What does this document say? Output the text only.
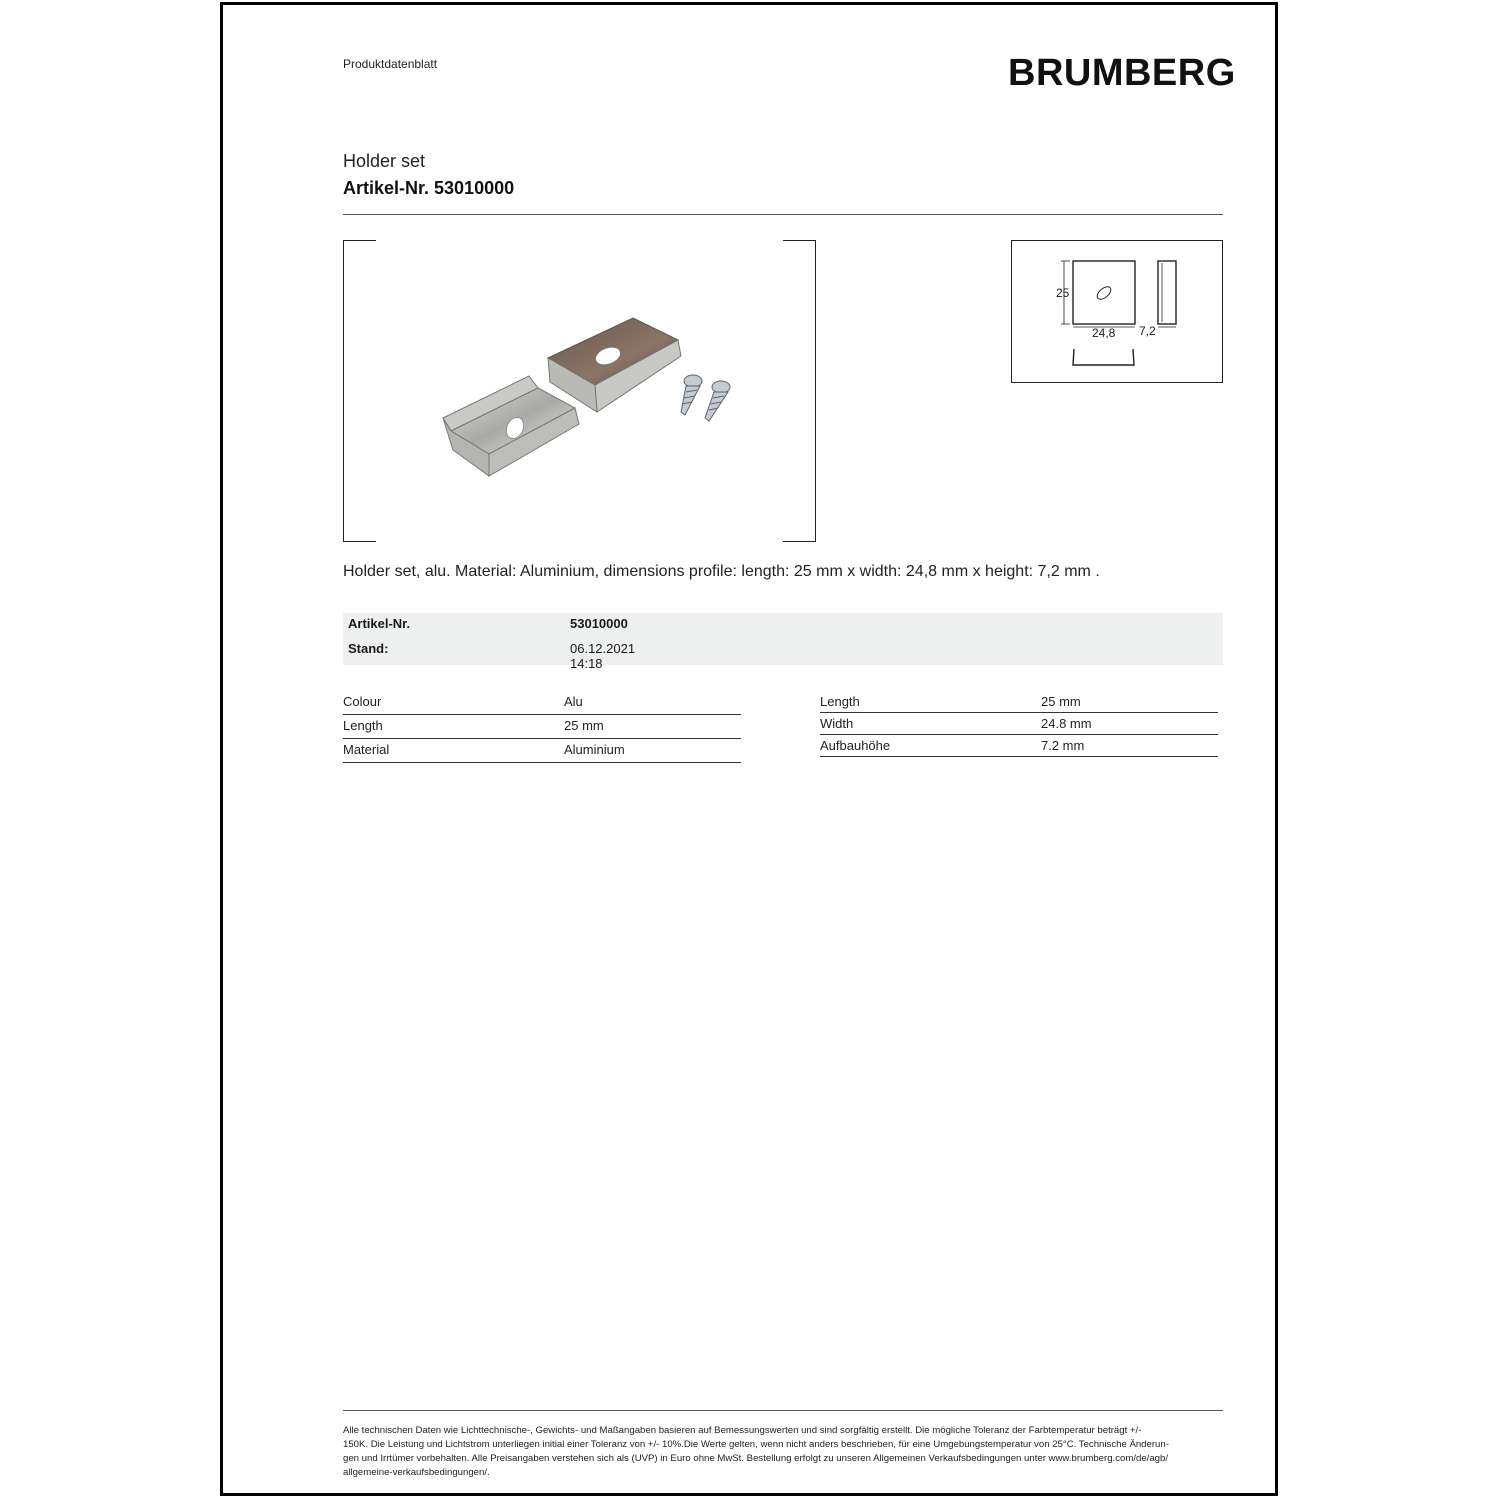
Produktdatenblatt	BRUMBERG
Holder set
Artikel-Nr. 53010000
25
24,8 7,2
Holder set, alu. Material: Aluminium, dimensions profile: length: 25 mm x width: 24,8 mm x height: 7,2 mm .
Artikel-Nr.	53010000
Stand:	06.12.2021 14:18
Colour	Alu
Length	25 mm
Material	Aluminium
Length	25 mm
Width	24.8 mm
Aufbauhöhe	7.2 mm
Alle technischen Daten wie Lichttechnische-, Gewichts- und Maßangaben basieren auf Bemessungswerten und sind sorgfältig erstellt. Die mögliche Toleranz der Farbtemperatur beträgt +/-
150K. Die Leistung und Lichtstrom unterliegen initial einer Toleranz von +/- 10%.Die Werte gelten, wenn nicht anders beschrieben, für eine Umgebungstemperatur von 25°C. Technische Änderun-
gen und Irrtümer vorbehalten. Alle Preisangaben verstehen sich als (UVP) in Euro ohne MwSt. Bestellung erfolgt zu unseren Allgemeinen Verkaufsbedingungen unter www.brumberg.com/de/agb/
allgemeine-verkaufsbedingungen/.
